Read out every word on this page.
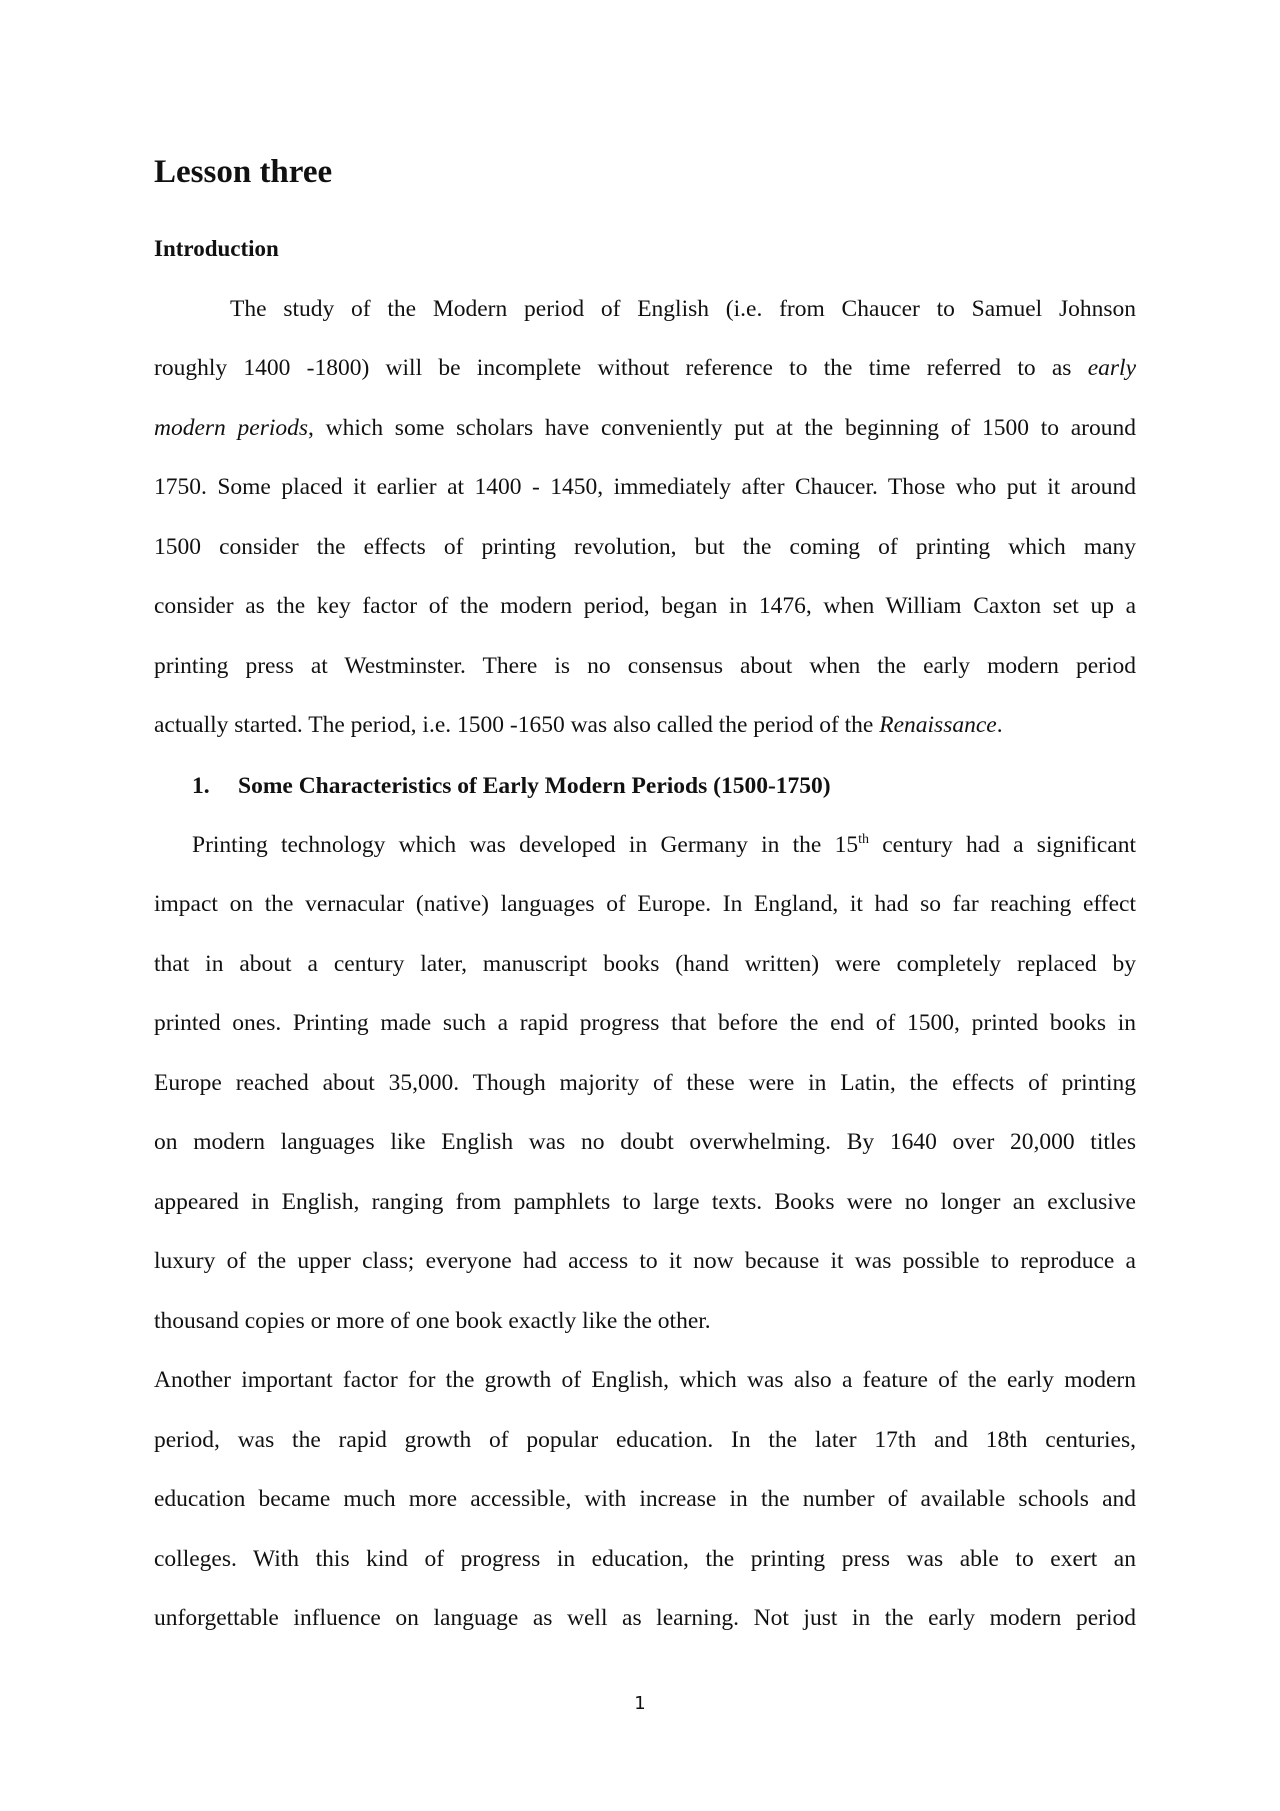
Lesson three
Introduction

The study of the Modern period of English (i.e. from Chaucer to Samuel Johnson

roughly 1400 -1800) will be incomplete without reference to the time referred to as early

modern periods, which some scholars have conveniently put at the beginning of 1500 to around

1750. Some placed it earlier at 1400 - 1450, immediately after Chaucer. Those who put it around

1500 consider the effects of printing revolution, but the coming of printing which many

consider as the key factor of the modern period, began in 1476, when William Caxton set up a

printing press at Westminster. There is no consensus about when the early modern period

actually started. The period, i.e. 1500 -1650 was also called the period of the Renaissance.

1. Some Characteristics of Early Modern Periods (1500-1750)

Printing technology which was developed in Germany in the 15th century had a significant

impact on the vernacular (native) languages of Europe. In England, it had so far reaching effect

that in about a century later, manuscript books (hand written) were completely replaced by

printed ones. Printing made such a rapid progress that before the end of 1500, printed books in

Europe reached about 35,000. Though majority of these were in Latin, the effects of printing

on modern languages like English was no doubt overwhelming. By 1640 over 20,000 titles

appeared in English, ranging from pamphlets to large texts. Books were no longer an exclusive

luxury of the upper class; everyone had access to it now because it was possible to reproduce a

thousand copies or more of one book exactly like the other.

Another important factor for the growth of English, which was also a feature of the early modern

period, was the rapid growth of popular education. In the later 17th and 18th centuries,

education became much more accessible, with increase in the number of available schools and

colleges. With this kind of progress in education, the printing press was able to exert an

unforgettable influence on language as well as learning. Not just in the early modern period

1
